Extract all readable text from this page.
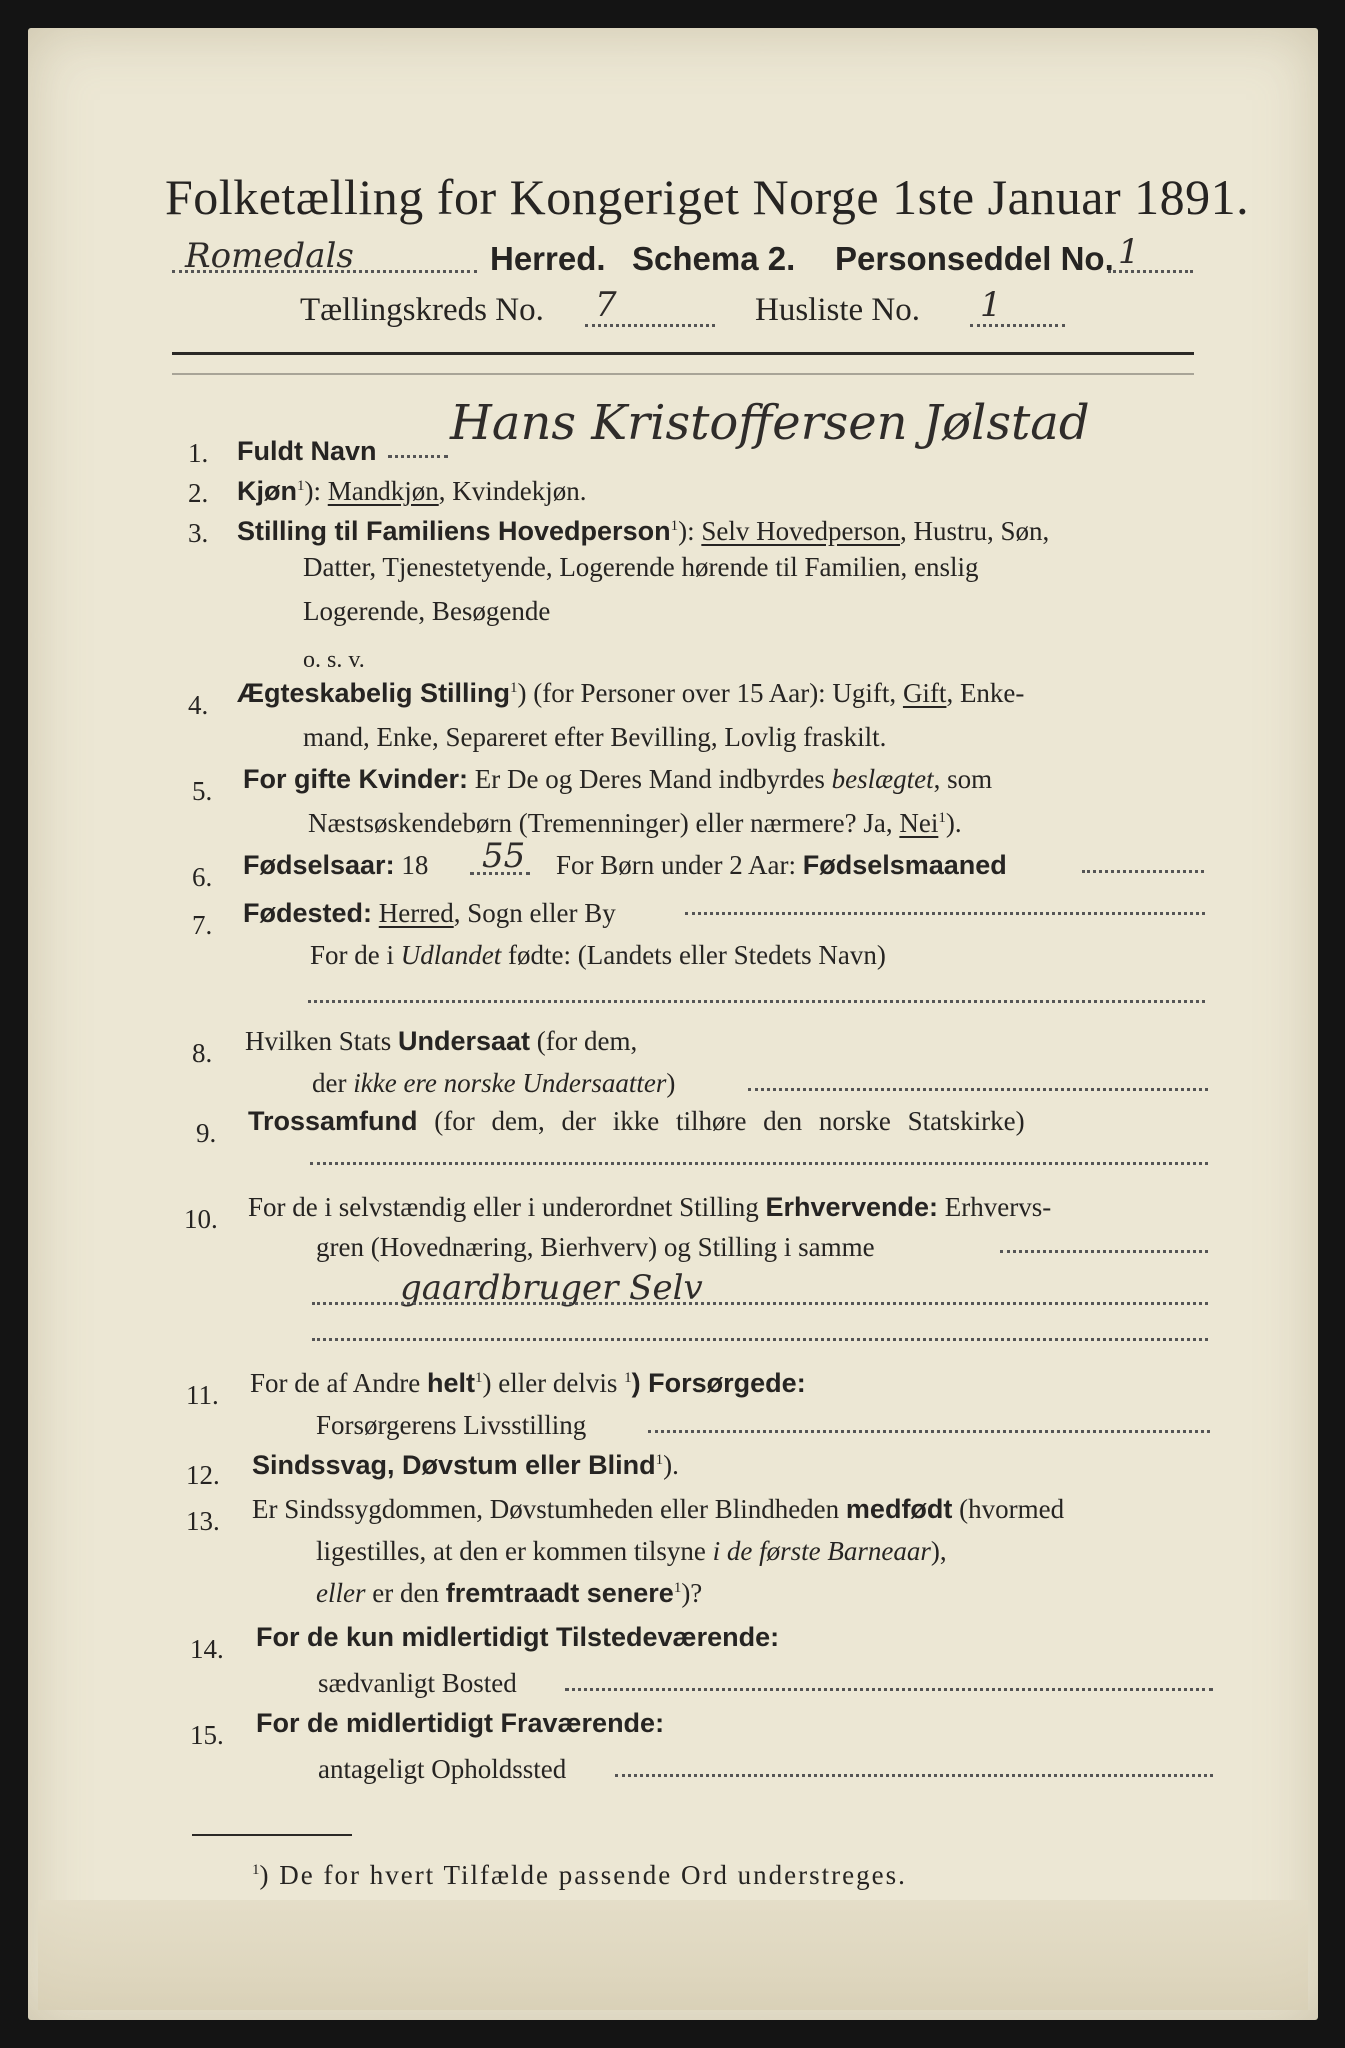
Folketælling for Kongeriget Norge 1ste Januar 1891.
Romedals	Herred. Schema 2. Personseddel No. 1
Tællingskreds No. 7	Husliste No. 1
1. Fuldt Navn Hans Kristoffersen Jølstad
2. Kjøn$^1$): Mandkjøn, Kvindekjøn.
3. Stilling til Familiens Hovedperson$^1$): Selv Hovedperson, Hustru, Søn,
Datter, Tjenestetyende, Logerende hørende til Familien, enslig
Logerende, Besøgende
o. s. v.
4. Ægteskabelig Stilling$^1$) (for Personer over 15 Aar): Ugift, Gift, Enke-
mand, Enke, Separeret efter Bevilling, Lovlig fraskilt.
5. For gifte Kvinder: Er De og Deres Mand indbyrdes beslægtet, som
Næstsøskendebørn (Tremenninger) eller nærmere? Ja, Nei$^1$).
6. Fødselsaar: 18 55 For Børn under 2 Aar: Fødselsmaaned
7. Fødested: Herred, Sogn eller By
For de i Udlandet fødte: (Landets eller Stedets Navn)
8. Hvilken Stats Undersaat (for dem,
der ikke ere norske Undersaatter)
9. Trossamfund (for dem, der ikke tilhøre den norske Statskirke)
10. For de i selvstændig eller i underordnet Stilling Erhvervende: Erhvervs-
gren (Hovednæring, Bierhverv) og Stilling i samme
gaardbruger Selv
11. For de af Andre helt$^1$) eller delvis $^1$) Forsørgede:
Forsørgerens Livsstilling
12. Sindssvag, Døvstum eller Blind$^1$).
13. Er Sindssygdommen, Døvstumheden eller Blindheden medfødt (hvormed
ligestilles, at den er kommen tilsyne i de første Barneaar),
eller er den fremtraadt senere$^1$)?
14. For de kun midlertidigt Tilstedeværende:
sædvanligt Bosted
15. For de midlertidigt Fraværende:
antageligt Opholdssted
$^1$) De for hvert Tilfælde passende Ord understreges.
